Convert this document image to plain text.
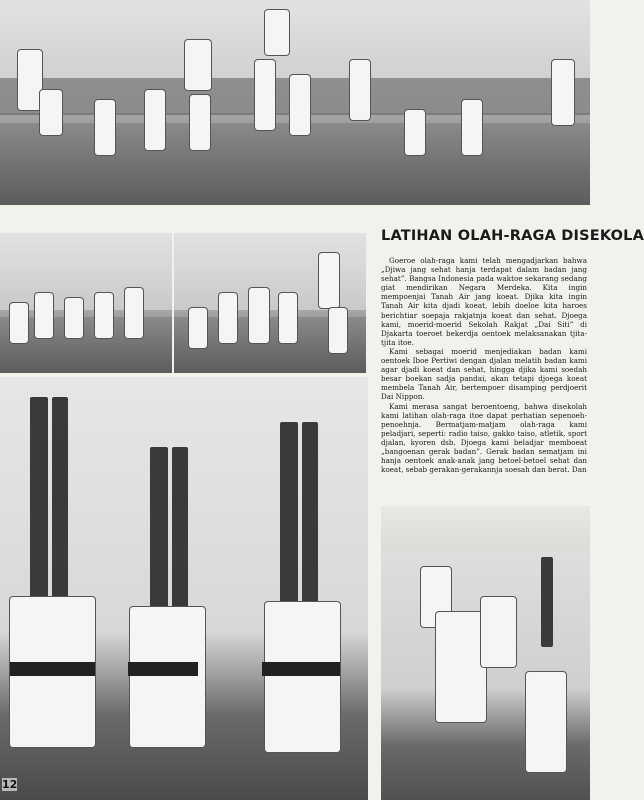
LATIHAN OLAH-RAGA DISEKOLA

Goeroe olah-raga kami telah mengadjarkan bahwa „Djiwa jang sehat hanja terdapat dalam badan jang sehat”. Bangsa Indonesia pada waktoe sekarang sedang giat mendirikan Negara Merdeka. Kita ingin mempoenjai Tanah Air jang koeat. Djika kita ingin Tanah Air kita djadi koeat, lebih doeloe kita haroes berichtiar soepaja rakjatnja koeat dan sehat. Djoega kami, moerid-moerid Sekolah Rakjat „Dai Siti” di Djakarta toeroet bekerdja oentoek melaksanakan tjita-tjita itoe.

Kami sebagai moerid menjediakan badan kami oentoek Iboe Pertiwi dengan djalan melatih badan kami agar djadi koeat dan sehat, hingga djika kami soedah besar boekan sadja pandai, akan tetapi djoega koeat membela Tanah Air, bertempoer disamping perdjoerit Dai Nippon.

Kami merasa sangat beroentoeng, bahwa disekolah kami latihan olah-raga itoe dapat perhatian sepenoeh-penoehnja. Bermatjam-matjam olah-raga kami peladjari, seperti: radio taiso, gakko taiso, atletik, sport djalan, kyoren dsb. Djoega kami beladjar memboeat „bangoenan gerak badan”. Gerak badan sematjam ini hanja oentoek anak-anak jang betoel-betoel sehat dan koeat, sebab gerakan-gerakannja soesah dan berat. Dan

12
